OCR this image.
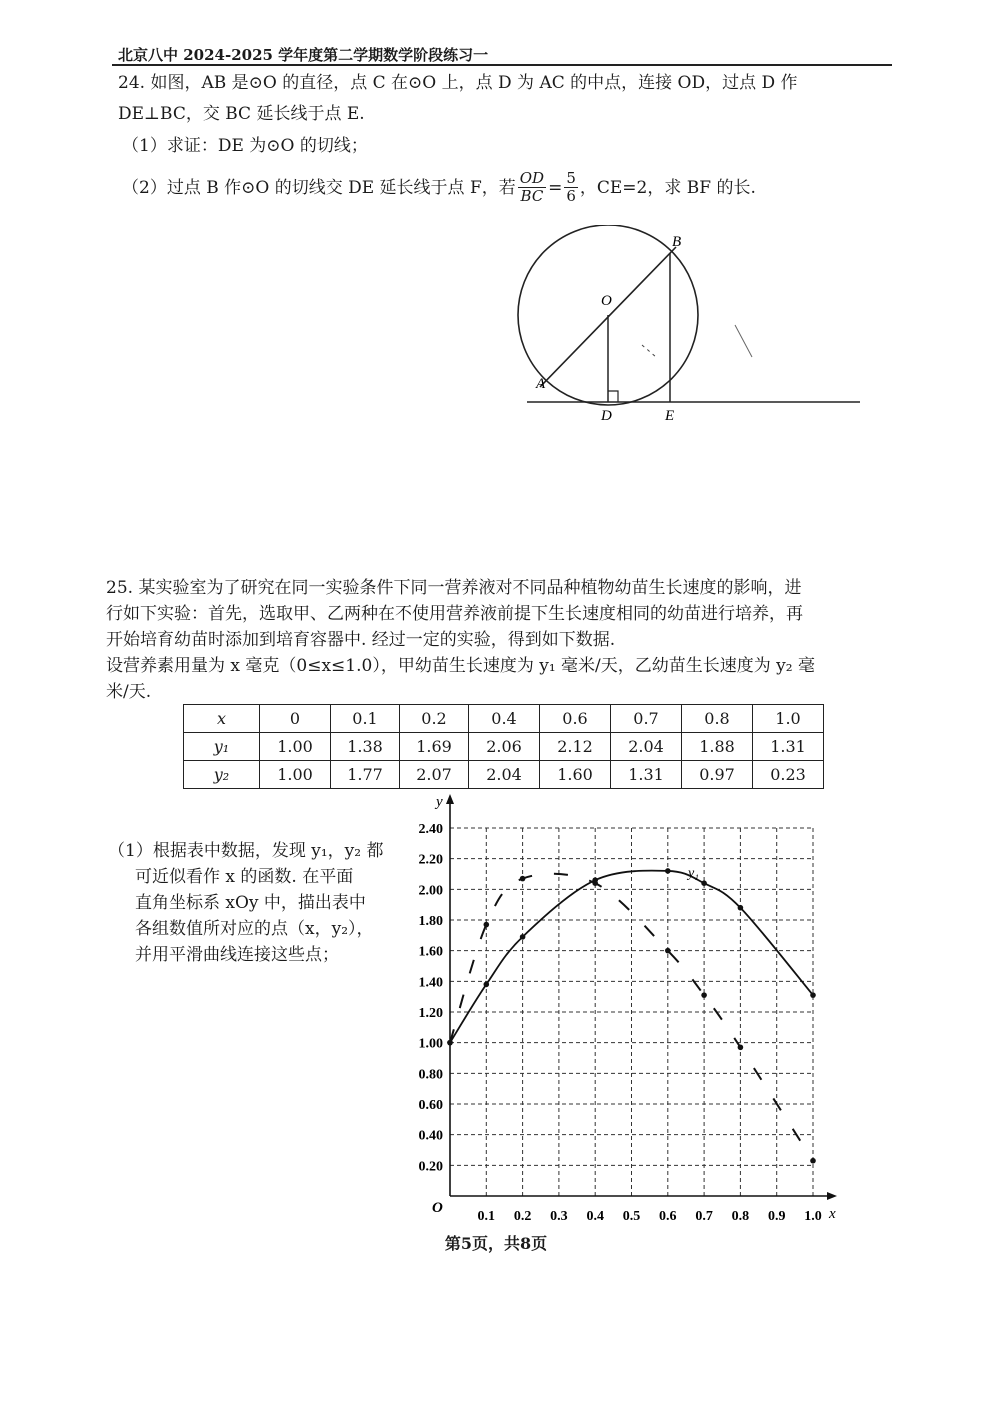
北京八中 2024-2025 学年度第二学期数学阶段练习一
24. 如图，AB 是⊙O 的直径，点 C 在⊙O 上，点 D 为 AC 的中点，连接 OD，过点 D 作
DE⊥BC，交 BC 延长线于点 E.
（1）求证：DE 为⊙O 的切线；
（2）过点 B 作⊙O 的切线交 DE 延长线于点 F，若 $\frac{OD}{BC} = \frac{5}{6}$ ，CE=2，求 BF 的长.
A
B
O
D	E
25. 某实验室为了研究在同一实验条件下同一营养液对不同品种植物幼苗生长速度的影响，进
行如下实验：首先，选取甲、乙两种在不使用营养液前提下生长速度相同的幼苗进行培养，再
开始培育幼苗时添加到培育容器中. 经过一定的实验，得到如下数据.
设营养素用量为 x 毫克（0≤x≤1.0），甲幼苗生长速度为 y₁ 毫米/天，乙幼苗生长速度为 y₂ 毫
米/天.
x	0	0.1	0.2	0.4	0.6	0.7	0.8	1.0
y₁	1.00	1.38	1.69	2.06	2.12	2.04	1.88	1.31
y₂	1.00	1.77	2.07	2.04	1.60	1.31	0.97	0.23
（1）根据表中数据，发现 y₁，y₂ 都
可近似看作 x 的函数. 在平面
直角坐标系 xOy 中，描出表中
各组数值所对应的点（x，y₂），
并用平滑曲线连接这些点；
0.1 0.2 0.3 0.4 0.5 0.6 0.7 0.8 0.9 1.0
0.20
0.40
0.60
0.80
1.00
1.20
1.40
1.60
1.80
2.00
2.20
2.40
O	x
y
y₁
第5页，共8页
